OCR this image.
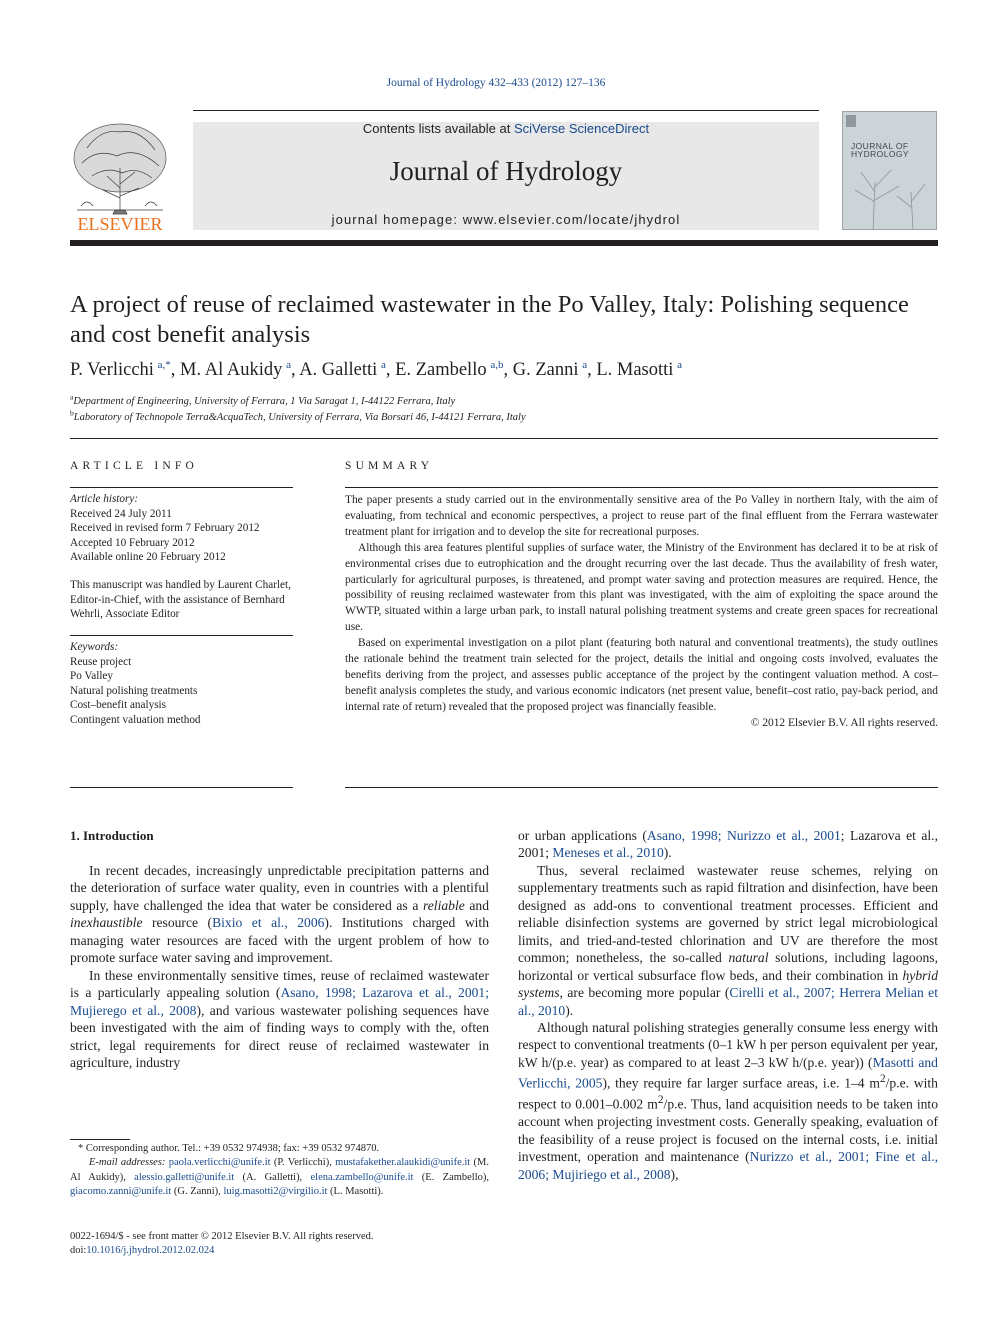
Journal of Hydrology 432–433 (2012) 127–136
ELSEVIER
Contents lists available at SciVerse ScienceDirect
Journal of Hydrology
journal homepage: www.elsevier.com/locate/jhydrol
JOURNAL OF
HYDROLOGY
A project of reuse of reclaimed wastewater in the Po Valley, Italy: Polishing sequence and cost benefit analysis
P. Verlicchi  $^{a,*}$, M. Al Aukidy  $^a$, A. Galletti  $^a$, E. Zambello  $^{a,b}$, G. Zanni  $^a$, L. Masotti  $^a$
$^a$Department of Engineering, University of Ferrara, 1 Via Saragat 1, I-44122 Ferrara, Italy
$^b$Laboratory of Technopole Terra&AcquaTech, University of Ferrara, Via Borsari 46, I-44121 Ferrara, Italy
ARTICLE INFO
Article history:
Received 24 July 2011
Received in revised form 7 February 2012
Accepted 10 February 2012
Available online 20 February 2012
This manuscript was handled by Laurent Charlet, Editor-in-Chief, with the assistance of Bernhard Wehrli, Associate Editor
Keywords:
Reuse project
Po Valley
Natural polishing treatments
Cost–benefit analysis
Contingent valuation method
SUMMARY

The paper presents a study carried out in the environmentally sensitive area of the Po Valley in northern Italy, with the aim of evaluating, from technical and economic perspectives, a project to reuse part of the final effluent from the Ferrara wastewater treatment plant for irrigation and to develop the site for recreational purposes.

Although this area features plentiful supplies of surface water, the Ministry of the Environment has declared it to be at risk of environmental crises due to eutrophication and the drought recurring over the last decade. Thus the availability of fresh water, particularly for agricultural purposes, is threatened, and prompt water saving and protection measures are required. Hence, the possibility of reusing reclaimed wastewater from this plant was investigated, with the aim of exploiting the space around the WWTP, situated within a large urban park, to install natural polishing treatment systems and create green spaces for recreational use.

Based on experimental investigation on a pilot plant (featuring both natural and conventional treatments), the study outlines the rationale behind the treatment train selected for the project, details the initial and ongoing costs involved, evaluates the benefits deriving from the project, and assesses public acceptance of the project by the contingent valuation method. A cost–benefit analysis completes the study, and various economic indicators (net present value, benefit–cost ratio, pay-back period, and internal rate of return) revealed that the proposed project was financially feasible.

© 2012 Elsevier B.V. All rights reserved.

1. Introduction

In recent decades, increasingly unpredictable precipitation patterns and the deterioration of surface water quality, even in countries with a plentiful supply, have challenged the idea that water be considered as a reliable and inexhaustible resource (Bixio et al., 2006). Institutions charged with managing water resources are faced with the urgent problem of how to promote surface water saving and improvement.

In these environmentally sensitive times, reuse of reclaimed wastewater is a particularly appealing solution (Asano, 1998; Lazarova et al., 2001; Mujierego et al., 2008), and various wastewater polishing sequences have been investigated with the aim of finding ways to comply with the, often strict, legal requirements for direct reuse of reclaimed wastewater in agriculture, industry

or urban applications (Asano, 1998; Nurizzo et al., 2001; Lazarova et al., 2001; Meneses et al., 2010).

Thus, several reclaimed wastewater reuse schemes, relying on supplementary treatments such as rapid filtration and disinfection, have been designed as add-ons to conventional treatment processes. Efficient and reliable disinfection systems are governed by strict legal microbiological limits, and tried-and-tested chlorination and UV are therefore the most common; nonetheless, the so-called natural solutions, including lagoons, horizontal or vertical subsurface flow beds, and their combination in hybrid systems, are becoming more popular (Cirelli et al., 2007; Herrera Melian et al., 2010).

Although natural polishing strategies generally consume less energy with respect to conventional treatments (0–1 kW h per person equivalent per year, kW h/(p.e. year) as compared to at least 2–3 kW h/(p.e. year)) (Masotti and Verlicchi, 2005), they require far larger surface areas, i.e. 1–4 $m^2/p.e$. with respect to 0.001–0.002 $m^2/p.e$. Thus, land acquisition needs to be taken into account when projecting investment costs. Generally speaking, evaluation of the feasibility of a reuse project is focused on the internal costs, i.e. initial investment, operation and maintenance (Nurizzo et al., 2001; Fine et al., 2006; Mujiriego et al., 2008),

* Corresponding author. Tel.: +39 0532 974938; fax: +39 0532 974870.
E-mail addresses: paola.verlicchi@unife.it (P. Verlicchi), mustafakether.alaukidi@unife.it (M. Al Aukidy), alessio.galletti@unife.it (A. Galletti), elena.zambello@unife.it (E. Zambello), giacomo.zanni@unife.it (G. Zanni), luig.masotti2@virgilio.it (L. Masotti).
0022-1694/$ - see front matter © 2012 Elsevier B.V. All rights reserved.
doi:10.1016/j.jhydrol.2012.02.024
